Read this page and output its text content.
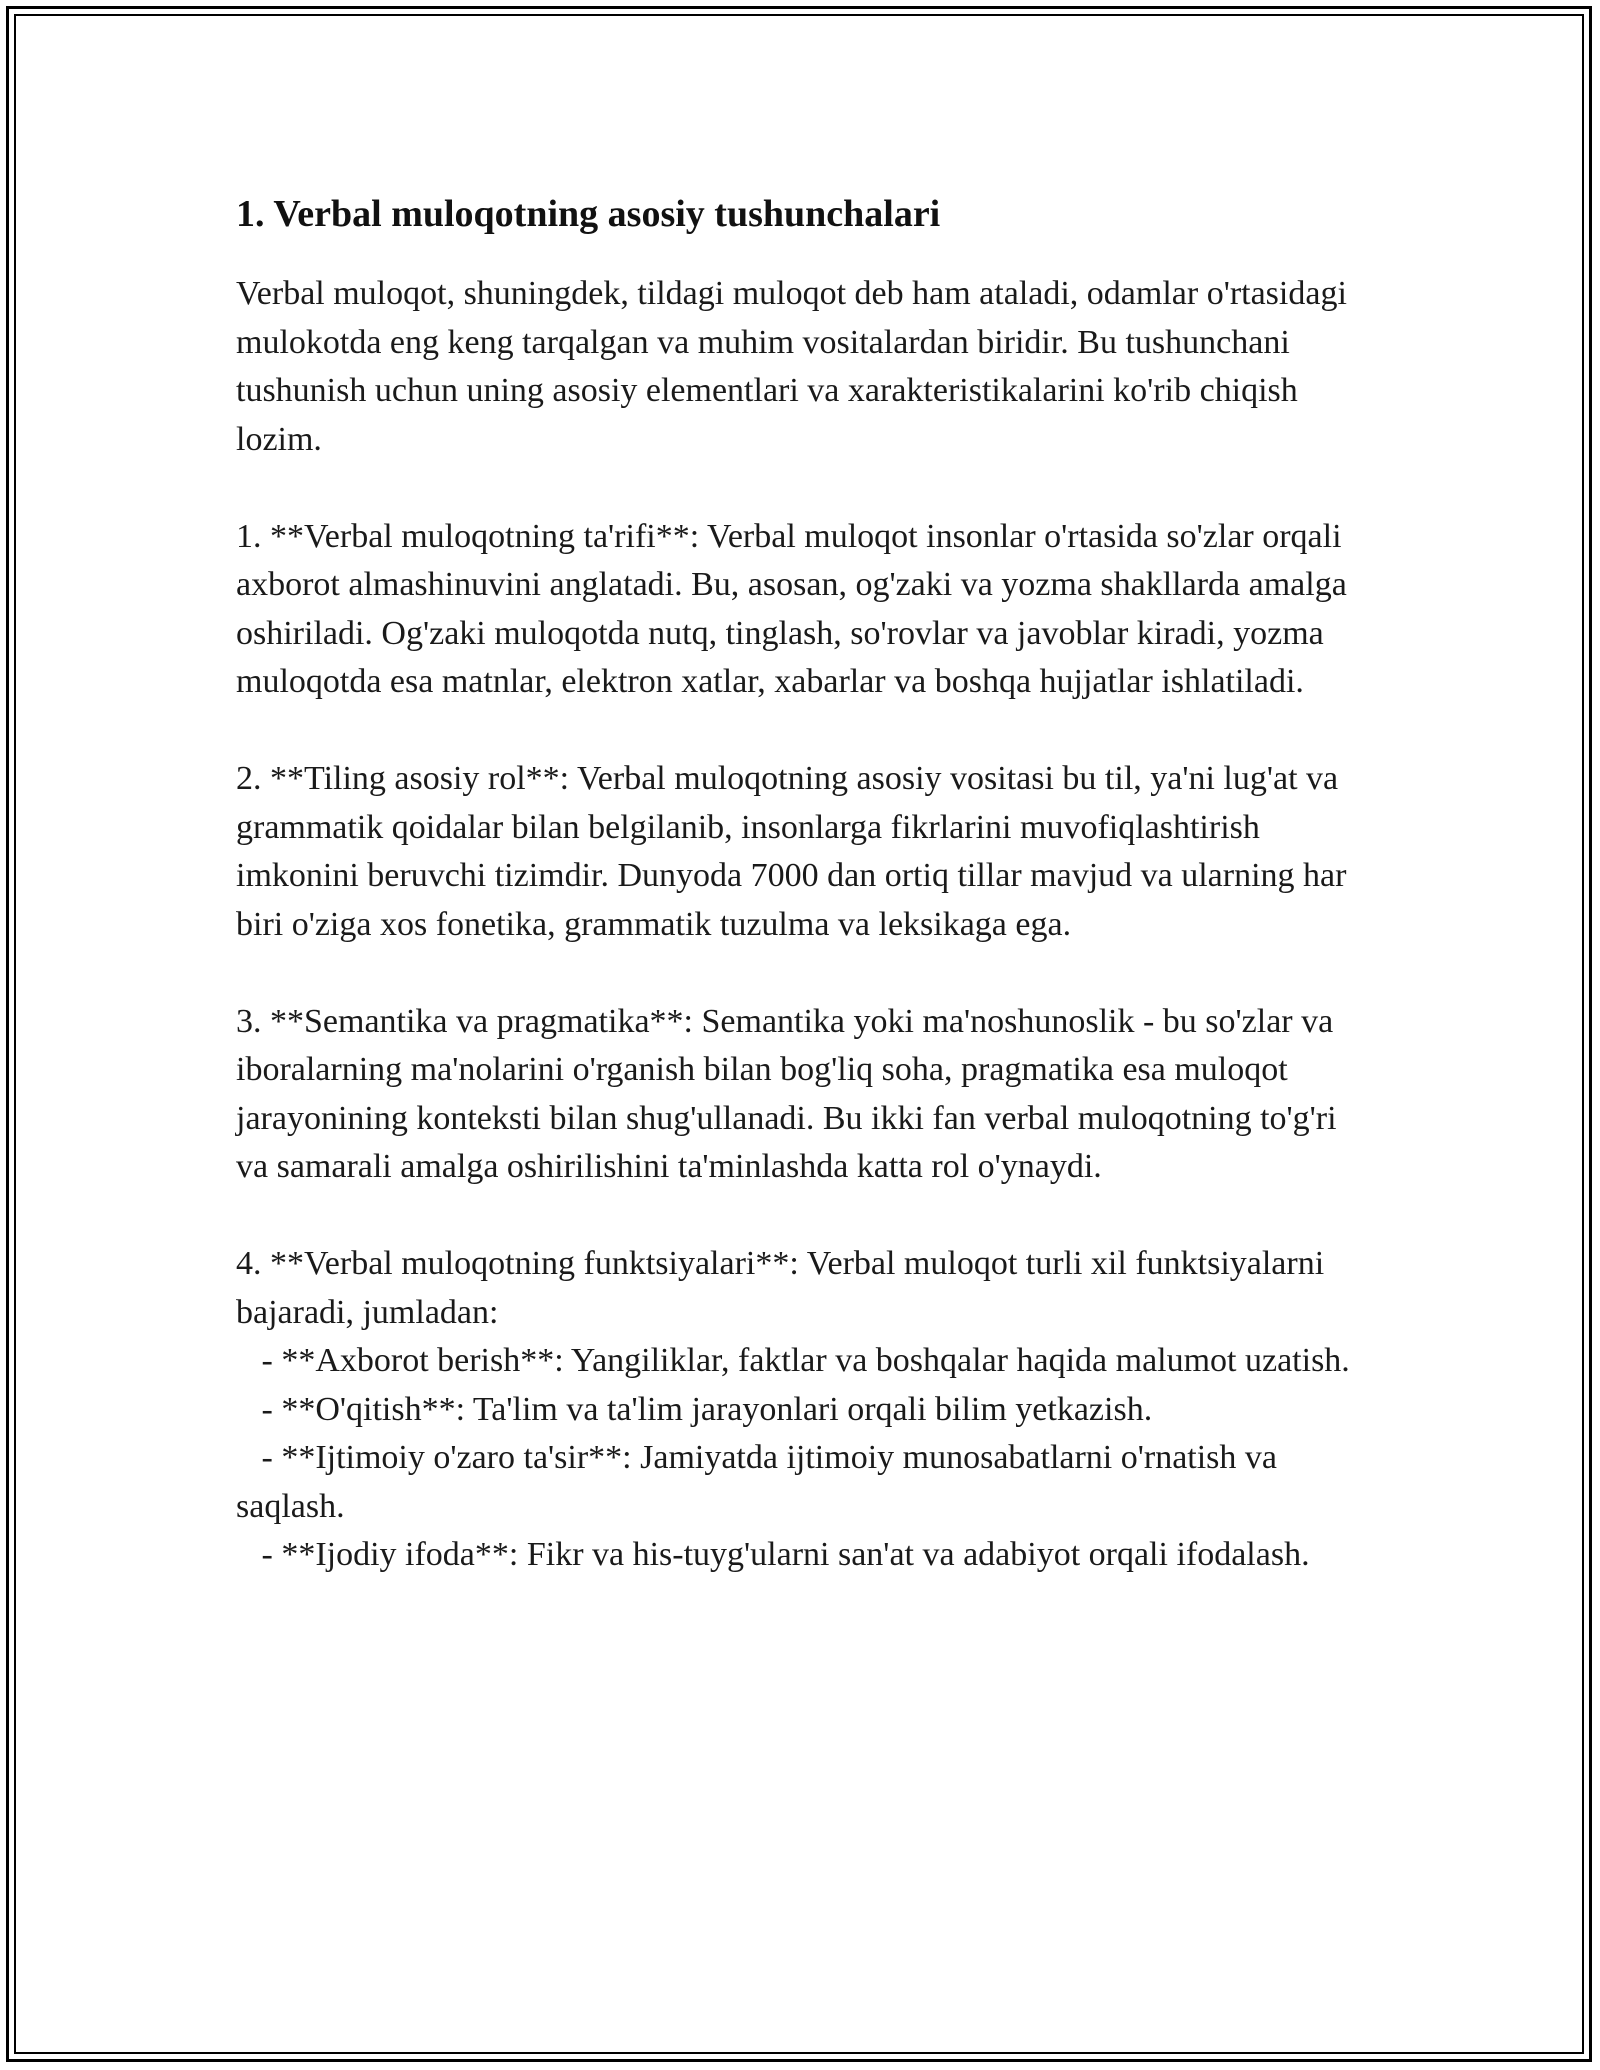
1. Verbal muloqotning asosiy tushunchalari

Verbal muloqot, shuningdek, tildagi muloqot deb ham ataladi, odamlar o'rtasidagi mulokotda eng keng tarqalgan va muhim vositalardan biridir. Bu tushunchani tushunish uchun uning asosiy elementlari va xarakteristikalarini ko'rib chiqish lozim.

1. **Verbal muloqotning ta'rifi**: Verbal muloqot insonlar o'rtasida so'zlar orqali axborot almashinuvini anglatadi. Bu, asosan, og'zaki va yozma shakllarda amalga oshiriladi. Og'zaki muloqotda nutq, tinglash, so'rovlar va javoblar kiradi, yozma muloqotda esa matnlar, elektron xatlar, xabarlar va boshqa hujjatlar ishlatiladi.

2. **Tiling asosiy rol**: Verbal muloqotning asosiy vositasi bu til, ya'ni lug'at va grammatik qoidalar bilan belgilanib, insonlarga fikrlarini muvofiqlashtirish imkonini beruvchi tizimdir. Dunyoda 7000 dan ortiq tillar mavjud va ularning har biri o'ziga xos fonetika, grammatik tuzulma va leksikaga ega.

3. **Semantika va pragmatika**: Semantika yoki ma'noshunoslik - bu so'zlar va iboralarning ma'nolarini o'rganish bilan bog'liq soha, pragmatika esa muloqot jarayonining konteksti bilan shug'ullanadi. Bu ikki fan verbal muloqotning to'g'ri va samarali amalga oshirilishini ta'minlashda katta rol o'ynaydi.

4. **Verbal muloqotning funktsiyalari**: Verbal muloqot turli xil funktsiyalarni bajaradi, jumladan:
- **Axborot berish**: Yangiliklar, faktlar va boshqalar haqida malumot uzatish.
- **O'qitish**: Ta'lim va ta'lim jarayonlari orqali bilim yetkazish.
- **Ijtimoiy o'zaro ta'sir**: Jamiyatda ijtimoiy munosabatlarni o'rnatish va saqlash.
- **Ijodiy ifoda**: Fikr va his-tuyg'ularni san'at va adabiyot orqali ifodalash.
